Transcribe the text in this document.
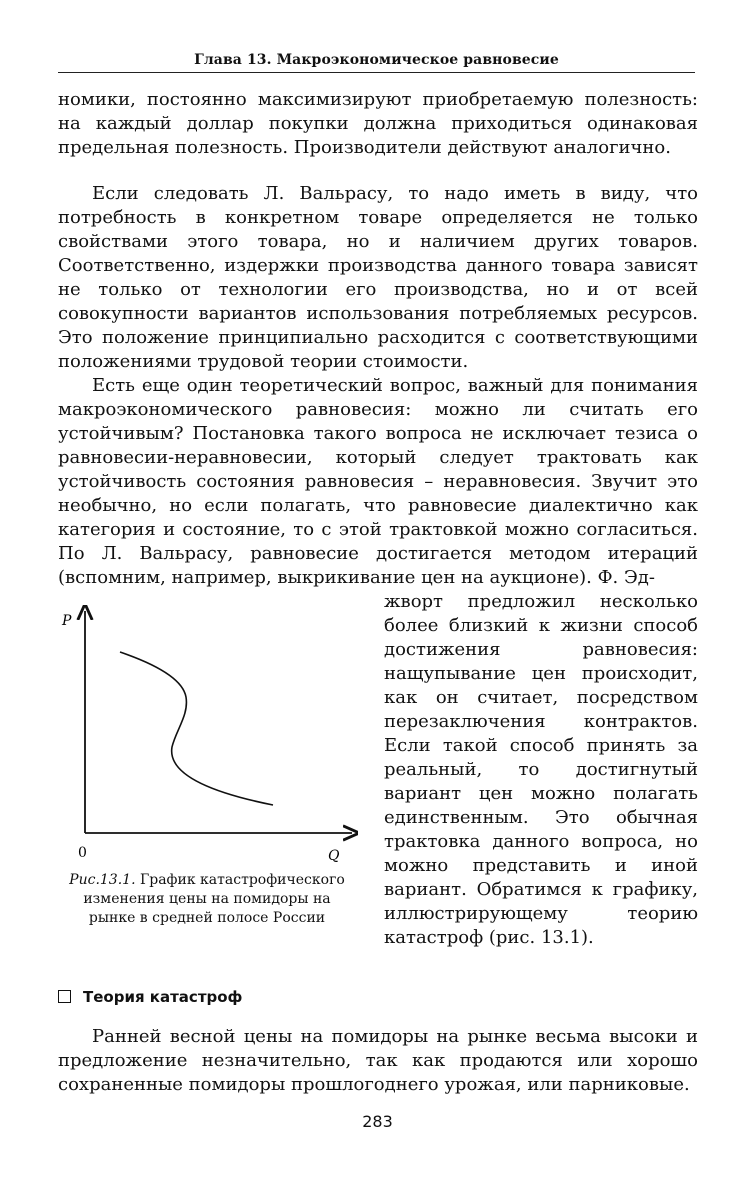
Глава 13. Макроэкономическое равновесие

номики, постоянно максимизируют приобретаемую полезность: на каждый доллар покупки должна приходиться одинаковая предельная полезность. Производители действуют аналогично.

Если следовать Л. Вальрасу, то надо иметь в виду, что потребность в конкретном товаре определяется не только свойствами этого товара, но и наличием других товаров. Соответственно, издержки производства данного товара зависят не только от технологии его производства, но и от всей совокупности вариантов использования потребляемых ресурсов. Это положение принципиально расходится с соответствующими положениями трудовой теории стоимости.

Есть еще один теоретический вопрос, важный для понимания макроэкономического равновесия: можно ли считать его устойчивым? Постановка такого вопроса не исключает тезиса о равновесии-неравновесии, который следует трактовать как устойчивость состояния равновесия – неравновесия. Звучит это необычно, но если полагать, что равновесие диалектично как категория и состояние, то с этой трактовкой можно согласиться. По Л. Вальрасу, равновесие достигается методом итераций (вспомним, например, выкрикивание цен на аукционе). Ф. Эд-

жворт предложил несколько более близкий к жизни способ достижения равновесия: нащупывание цен происходит, как он считает, посредством перезаключения контрактов. Если такой способ принять за реальный, то достигнутый вариант цен можно полагать единственным. Это обычная трактовка данного вопроса, но можно представить и иной вариант. Обратимся к графику, иллюстрирующему теорию катастроф (рис. 13.1).

P
Q
0
Рис.13.1. График катастрофического изменения цены на помидоры на рынке в средней полосе России
Теория катастроф

Ранней весной цены на помидоры на рынке весьма высоки и предложение незначительно, так как продаются или хорошо сохраненные помидоры прошлогоднего урожая, или парниковые.

283
